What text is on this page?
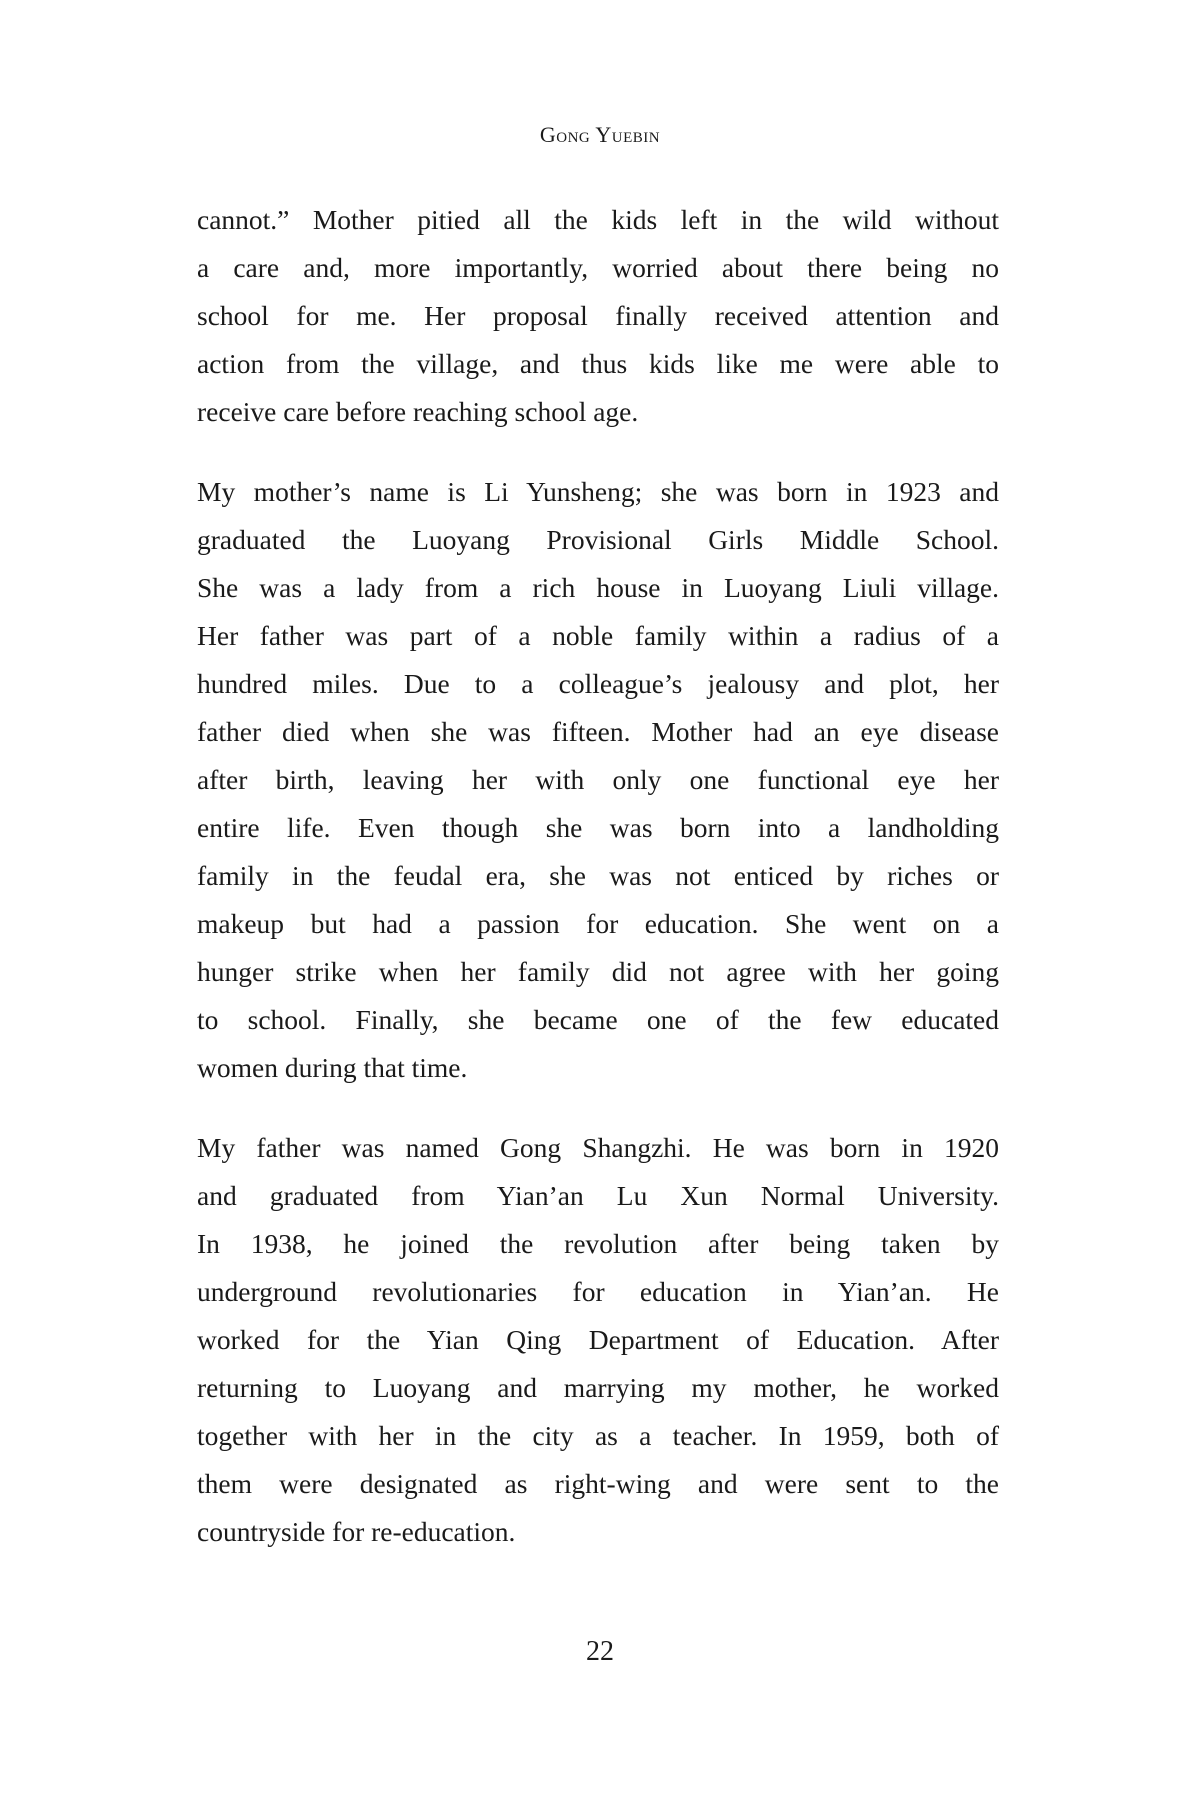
Gong Yuebin
cannot.” Mother pitied all the kids left in the wild without
a care and, more importantly, worried about there being no
school for me. Her proposal finally received attention and
action from the village, and thus kids like me were able to
receive care before reaching school age.
My mother’s name is Li Yunsheng; she was born in 1923 and
graduated the Luoyang Provisional Girls Middle School.
She was a lady from a rich house in Luoyang Liuli village.
Her father was part of a noble family within a radius of a
hundred miles. Due to a colleague’s jealousy and plot, her
father died when she was fifteen. Mother had an eye disease
after birth, leaving her with only one functional eye her
entire life. Even though she was born into a landholding
family in the feudal era, she was not enticed by riches or
makeup but had a passion for education. She went on a
hunger strike when her family did not agree with her going
to school. Finally, she became one of the few educated
women during that time.
My father was named Gong Shangzhi. He was born in 1920
and graduated from Yian’an Lu Xun Normal University.
In 1938, he joined the revolution after being taken by
underground revolutionaries for education in Yian’an. He
worked for the Yian Qing Department of Education. After
returning to Luoyang and marrying my mother, he worked
together with her in the city as a teacher. In 1959, both of
them were designated as right-wing and were sent to the
countryside for re-education.
22
